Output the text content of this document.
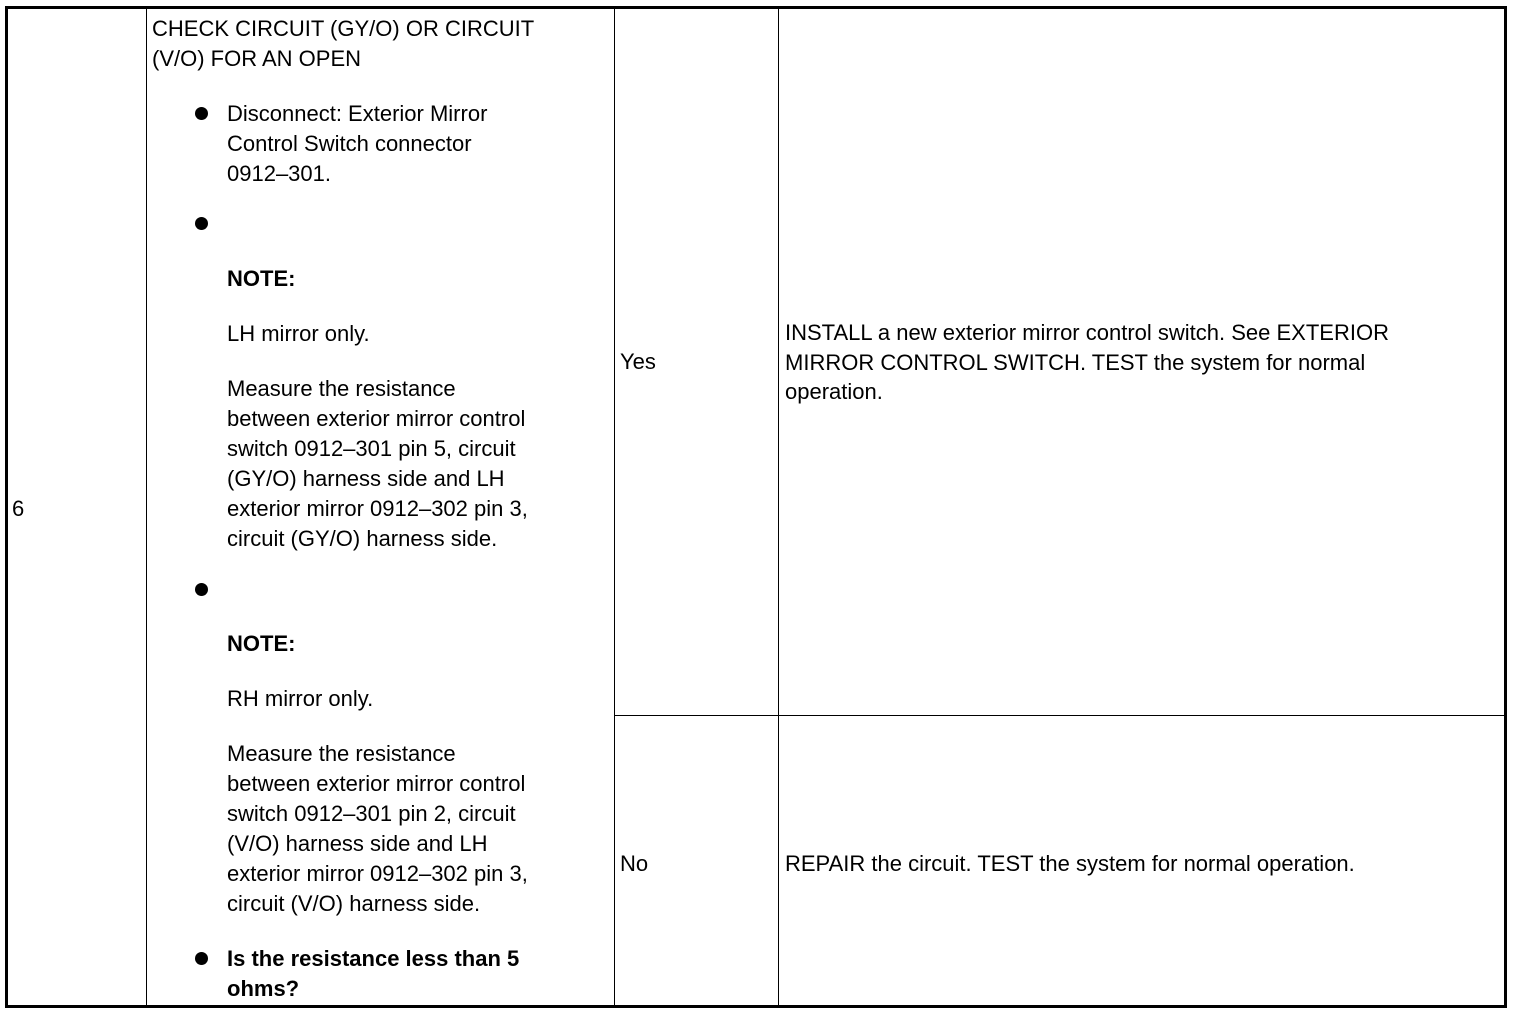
6
CHECK CIRCUIT (GY/O) OR CIRCUIT
(V/O) FOR AN OPEN
Disconnect: Exterior Mirror
Control Switch connector
0912–301.
NOTE:
LH mirror only.
Measure the resistance
between exterior mirror control
switch 0912–301 pin 5, circuit
(GY/O) harness side and LH
exterior mirror 0912–302 pin 3,
circuit (GY/O) harness side.
NOTE:
RH mirror only.
Measure the resistance
between exterior mirror control
switch 0912–301 pin 2, circuit
(V/O) harness side and LH
exterior mirror 0912–302 pin 3,
circuit (V/O) harness side.
Is the resistance less than 5
ohms?
Yes
INSTALL a new exterior mirror control switch. See EXTERIOR
MIRROR CONTROL SWITCH. TEST the system for normal
operation.
No	REPAIR the circuit. TEST the system for normal operation.
